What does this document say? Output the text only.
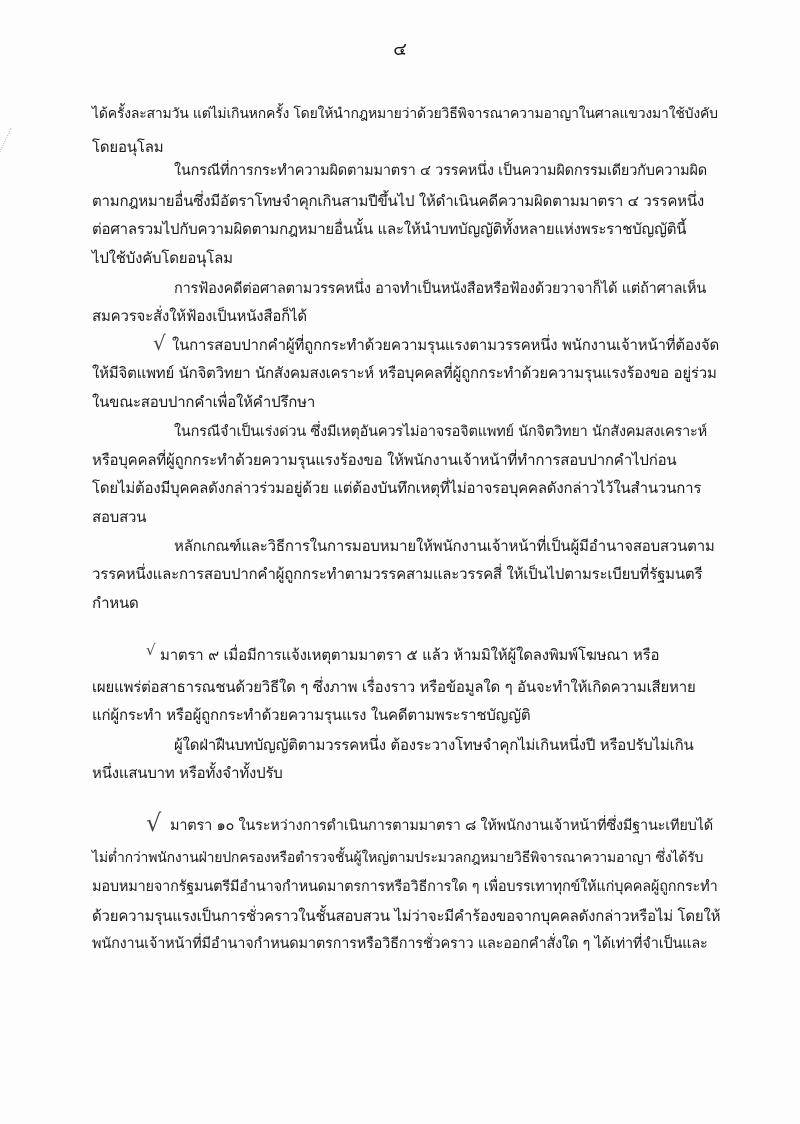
๔
ได้ครั้งละสามวัน แต่ไม่เกินหกครั้ง โดยให้นำกฎหมายว่าด้วยวิธีพิจารณาความอาญาในศาลแขวงมาใช้บังคับ
โดยอนุโลม
ในกรณีที่การกระทำความผิดตามมาตรา ๔ วรรคหนึ่ง เป็นความผิดกรรมเดียวกับความผิด
ตามกฎหมายอื่นซึ่งมีอัตราโทษจำคุกเกินสามปีขึ้นไป ให้ดำเนินคดีความผิดตามมาตรา ๔ วรรคหนึ่ง
ต่อศาลรวมไปกับความผิดตามกฎหมายอื่นนั้น และให้นำบทบัญญัติทั้งหลายแห่งพระราชบัญญัตินี้
ไปใช้บังคับโดยอนุโลม
การฟ้องคดีต่อศาลตามวรรคหนึ่ง อาจทำเป็นหนังสือหรือฟ้องด้วยวาจาก็ได้ แต่ถ้าศาลเห็น
สมควรจะสั่งให้ฟ้องเป็นหนังสือก็ได้
√ ในการสอบปากคำผู้ที่ถูกกระทำด้วยความรุนแรงตามวรรคหนึ่ง พนักงานเจ้าหน้าที่ต้องจัด
ให้มีจิตแพทย์ นักจิตวิทยา นักสังคมสงเคราะห์ หรือบุคคลที่ผู้ถูกกระทำด้วยความรุนแรงร้องขอ อยู่ร่วม
ในขณะสอบปากคำเพื่อให้คำปรึกษา
ในกรณีจำเป็นเร่งด่วน ซึ่งมีเหตุอันควรไม่อาจรอจิตแพทย์ นักจิตวิทยา นักสังคมสงเคราะห์
หรือบุคคลที่ผู้ถูกกระทำด้วยความรุนแรงร้องขอ ให้พนักงานเจ้าหน้าที่ทำการสอบปากคำไปก่อน
โดยไม่ต้องมีบุคคลดังกล่าวร่วมอยู่ด้วย แต่ต้องบันทึกเหตุที่ไม่อาจรอบุคคลดังกล่าวไว้ในสำนวนการ
สอบสวน
หลักเกณฑ์และวิธีการในการมอบหมายให้พนักงานเจ้าหน้าที่เป็นผู้มีอำนาจสอบสวนตาม
วรรคหนึ่งและการสอบปากคำผู้ถูกกระทำตามวรรคสามและวรรคสี่ ให้เป็นไปตามระเบียบที่รัฐมนตรี
กำหนด
√ มาตรา ๙ เมื่อมีการแจ้งเหตุตามมาตรา ๕ แล้ว ห้ามมิให้ผู้ใดลงพิมพ์โฆษณา หรือ
เผยแพร่ต่อสาธารณชนด้วยวิธีใด ๆ ซึ่งภาพ เรื่องราว หรือข้อมูลใด ๆ อันจะทำให้เกิดความเสียหาย
แก่ผู้กระทำ หรือผู้ถูกกระทำด้วยความรุนแรง ในคดีตามพระราชบัญญัติ
ผู้ใดฝ่าฝืนบทบัญญัติตามวรรคหนึ่ง ต้องระวางโทษจำคุกไม่เกินหนึ่งปี หรือปรับไม่เกิน
หนึ่งแสนบาท หรือทั้งจำทั้งปรับ
√ มาตรา ๑๐ ในระหว่างการดำเนินการตามมาตรา ๘ ให้พนักงานเจ้าหน้าที่ซึ่งมีฐานะเทียบได้
ไม่ต่ำกว่าพนักงานฝ่ายปกครองหรือตำรวจชั้นผู้ใหญ่ตามประมวลกฎหมายวิธีพิจารณาความอาญา ซึ่งได้รับ
มอบหมายจากรัฐมนตรีมีอำนาจกำหนดมาตรการหรือวิธีการใด ๆ เพื่อบรรเทาทุกข์ให้แก่บุคคลผู้ถูกกระทำ
ด้วยความรุนแรงเป็นการชั่วคราวในชั้นสอบสวน ไม่ว่าจะมีคำร้องขอจากบุคคลดังกล่าวหรือไม่ โดยให้
พนักงานเจ้าหน้าที่มีอำนาจกำหนดมาตรการหรือวิธีการชั่วคราว และออกคำสั่งใด ๆ ได้เท่าที่จำเป็นและ
